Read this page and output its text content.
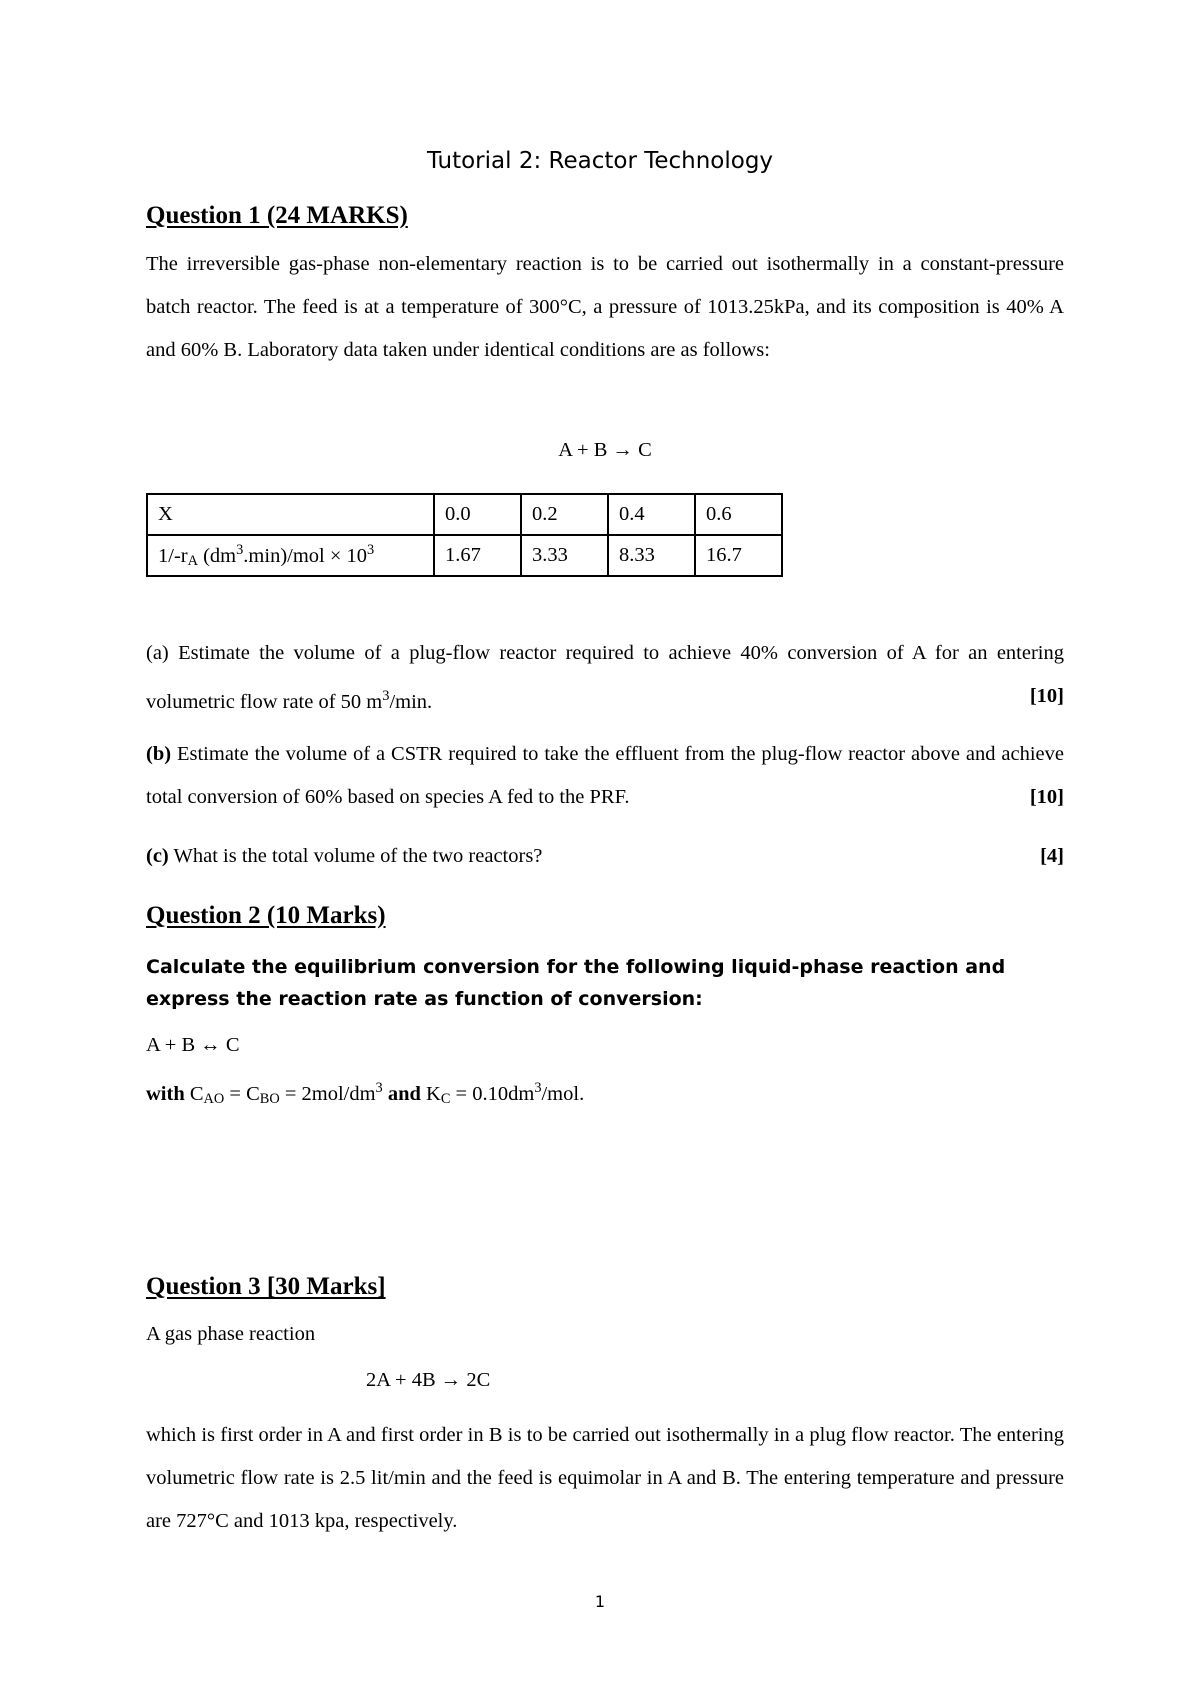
Tutorial 2: Reactor Technology
Question 1 (24 MARKS)
The irreversible gas-phase non-elementary reaction is to be carried out isothermally in a constant-pressure batch reactor. The feed is at a temperature of 300°C, a pressure of 1013.25kPa, and its composition is 40% A and 60% B. Laboratory data taken under identical conditions are as follows:
A + B → C
X	0.0	0.2	0.4	0.6
$1/-r_A$ $(dm^3.\min)$/mol × $10^3$	1.67	3.33	8.33	16.7
(a) Estimate the volume of a plug-flow reactor required to achieve 40% conversion of A for an entering volumetric flow rate of 50 $m^3/\min$.	[10]
(b) Estimate the volume of a CSTR required to take the effluent from the plug-flow reactor above and achieve total conversion of 60% based on species A fed to the PRF.	[10]
(c) What is the total volume of the two reactors?	[4]
Question 2 (10 Marks)
Calculate the equilibrium conversion for the following liquid-phase reaction and express the reaction rate as function of conversion:
A + B ↔ C
with $C_{AO} = C_{BO} = 2mol/dm^3$ and $K_C = 0.10dm^3/mol$.
Question 3 [30 Marks]
A gas phase reaction
2A + 4B → 2C
which is first order in A and first order in B is to be carried out isothermally in a plug flow reactor. The entering volumetric flow rate is 2.5 lit/min and the feed is equimolar in A and B. The entering temperature and pressure are 727°C and 1013 kpa, respectively.
1
